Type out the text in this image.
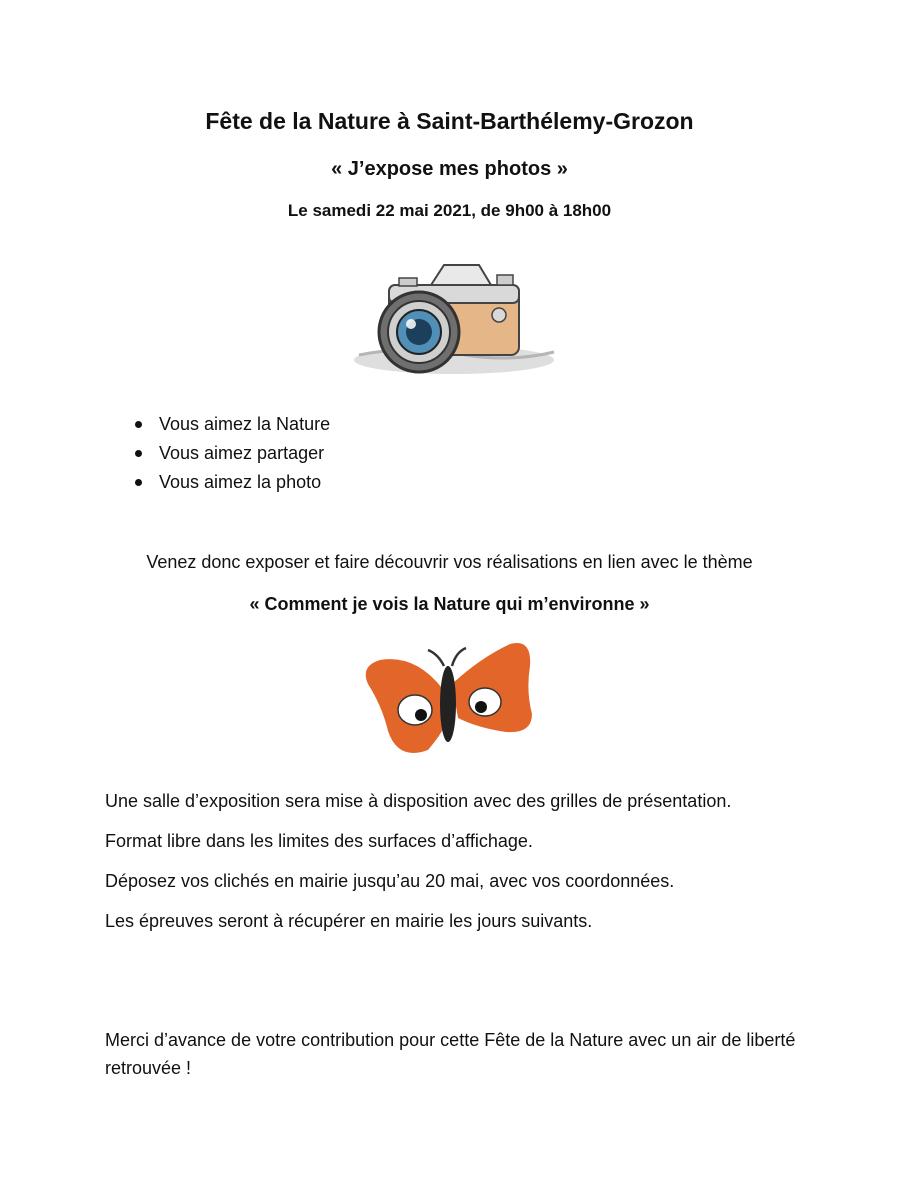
Fête de la Nature à Saint-Barthélemy-Grozon
« J’expose mes photos »
Le samedi 22 mai 2021, de 9h00 à 18h00
Vous aimez la Nature
Vous aimez partager
Vous aimez la photo
Venez donc exposer et faire découvrir vos réalisations en lien avec le thème
« Comment je vois la Nature qui m’environne »
Une salle d’exposition sera mise à disposition avec des grilles de présentation.
Format libre dans les limites des surfaces d’affichage.
Déposez vos clichés en mairie jusqu’au 20 mai, avec vos coordonnées.
Les épreuves seront à récupérer en mairie les jours suivants.
Merci d’avance de votre contribution pour cette Fête de la Nature avec un air de liberté retrouvée !
